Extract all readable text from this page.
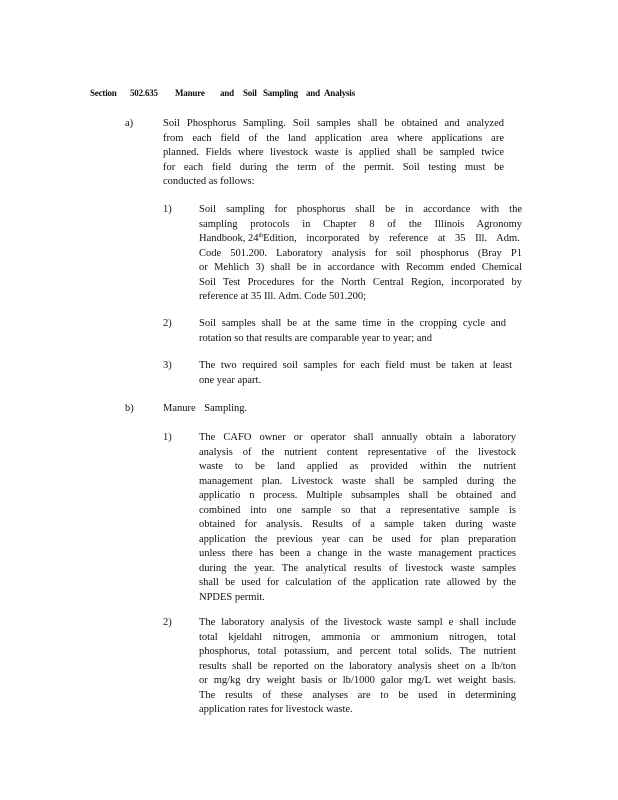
Section 502.635 Manure and Soil Sampling and Analysis
a)	Soil Phosphorus Sampling. Soil samples shall be obtained and analyzed
from each field of the land application area where applications are
planned. Fields where livestock waste is applied shall be sampled twice
for each field during the term of the permit. Soil testing must be
conducted as follows:
1)	Soil sampling for phosphorus shall be in accordance with the
sampling protocols in Chapter 8 of the Illinois Agronomy
Handbook, 24thEdition, incorporated by reference at 35 Ill. Adm.
Code 501.200. Laboratory analysis for soil phosphorus (Bray P1
or Mehlich 3) shall be in accordance with Recomm ended Chemical
Soil Test Procedures for the North Central Region, incorporated by
reference at 35 Ill. Adm. Code 501.200;
2)	Soil samples shall be at the same time in the cropping cycle and
rotation so that results are comparable year to year; and
3)	The two required soil samples for each field must be taken at least
one year apart.
b)	Manure Sampling.
1)	The CAFO owner or operator shall annually obtain a laboratory
analysis of the nutrient content representative of the livestock
waste to be land applied as provided within the nutrient
management plan. Livestock waste shall be sampled during the
applicatio n process. Multiple subsamples shall be obtained and
combined into one sample so that a representative sample is
obtained for analysis. Results of a sample taken during waste
application the previous year can be used for plan preparation
unless there has been a change in the waste management practices
during the year. The analytical results of livestock waste samples
shall be used for calculation of the application rate allowed by the
NPDES permit.
2)	The laboratory analysis of the livestock waste sampl e shall include
total kjeldahl nitrogen, ammonia or ammonium nitrogen, total
phosphorus, total potassium, and percent total solids. The nutrient
results shall be reported on the laboratory analysis sheet on a lb/ton
or mg/kg dry weight basis or lb/1000 galor mg/L wet weight basis.
The results of these analyses are to be used in determining
application rates for livestock waste.
